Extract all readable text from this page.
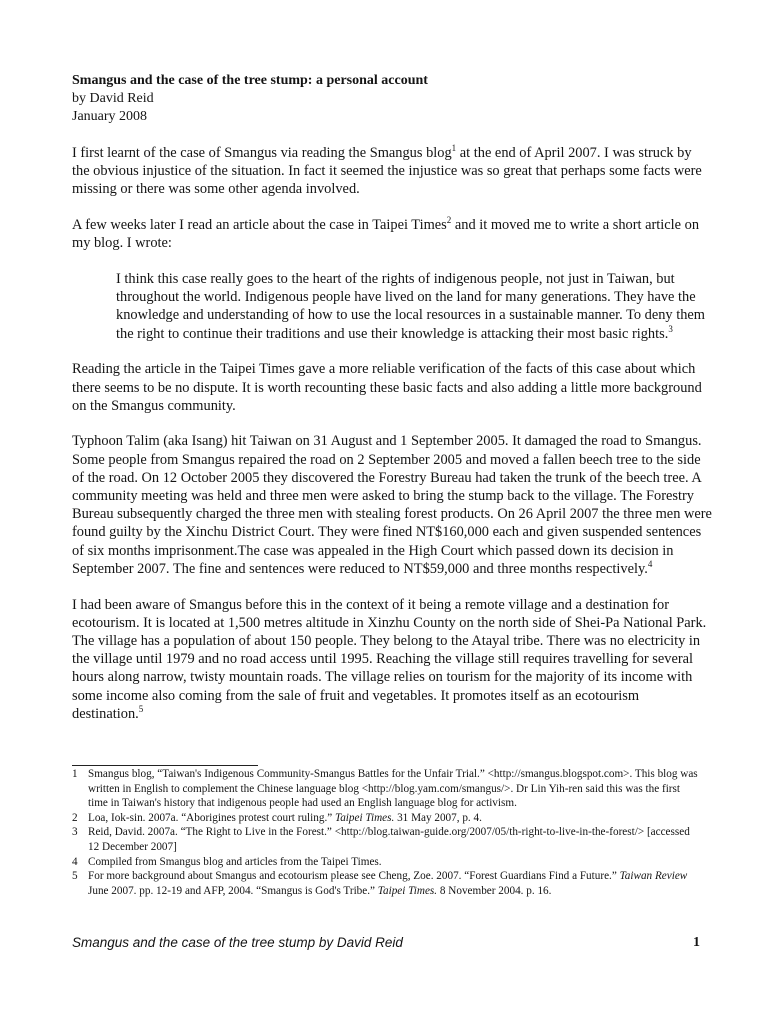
Smangus and the case of the tree stump: a personal account
by David Reid
January 2008

I first learnt of the case of Smangus via reading the Smangus blog$^1$ at the end of April 2007. I was struck by the obvious injustice of the situation. In fact it seemed the injustice was so great that perhaps some facts were missing or there was some other agenda involved.

A few weeks later I read an article about the case in Taipei Times$^2$ and it moved me to write a short article on my blog. I wrote:

I think this case really goes to the heart of the rights of indigenous people, not just in Taiwan, but throughout the world. Indigenous people have lived on the land for many generations. They have the knowledge and understanding of how to use the local resources in a sustainable manner. To deny them the right to continue their traditions and use their knowledge is attacking their most basic rights.$^3$

Reading the article in the Taipei Times gave a more reliable verification of the facts of this case about which there seems to be no dispute. It is worth recounting these basic facts and also adding a little more background on the Smangus community.

Typhoon Talim (aka Isang) hit Taiwan on 31 August and 1 September 2005. It damaged the road to Smangus. Some people from Smangus repaired the road on 2 September 2005 and moved a fallen beech tree to the side of the road. On 12 October 2005 they discovered the Forestry Bureau had taken the trunk of the beech tree. A community meeting was held and three men were asked to bring the stump back to the village. The Forestry Bureau subsequently charged the three men with stealing forest products. On 26 April 2007 the three men were found guilty by the Xinchu District Court. They were fined NT$160,000 each and given suspended sentences of six months imprisonment.The case was appealed in the High Court which passed down its decision in September 2007. The fine and sentences were reduced to NT$59,000 and three months respectively.$^4$

I had been aware of Smangus before this in the context of it being a remote village and a destination for ecotourism. It is located at 1,500 metres altitude in Xinzhu County on the north side of Shei-Pa National Park. The village has a population of about 150 people. They belong to the Atayal tribe. There was no electricity in the village until 1979 and no road access until 1995. Reaching the village still requires travelling for several hours along narrow, twisty mountain roads. The village relies on tourism for the majority of its income with some income also coming from the sale of fruit and vegetables. It promotes itself as an ecotourism destination.$^5$

1 Smangus blog, “Taiwan's Indigenous Community-Smangus Battles for the Unfair Trial.” <http://smangus.blogspot.com>. This blog was written in English to complement the Chinese language blog <http://blog.yam.com/smangus/>. Dr Lin Yih-ren said this was the first time in Taiwan's history that indigenous people had used an English language blog for activism.
2 Loa, Iok-sin. 2007a. “Aborigines protest court ruling.” Taipei Times. 31 May 2007, p. 4.
3 Reid, David. 2007a. “The Right to Live in the Forest.” <http://blog.taiwan-guide.org/2007/05/th-right-to-live-in-the-forest/> [accessed 12 December 2007]
4 Compiled from Smangus blog and articles from the Taipei Times.
5 For more background about Smangus and ecotourism please see Cheng, Zoe. 2007. “Forest Guardians Find a Future.” Taiwan Review June 2007. pp. 12-19 and AFP, 2004. “Smangus is God's Tribe.” Taipei Times. 8 November 2004. p. 16.
Smangus and the case of the tree stump by David Reid	1
